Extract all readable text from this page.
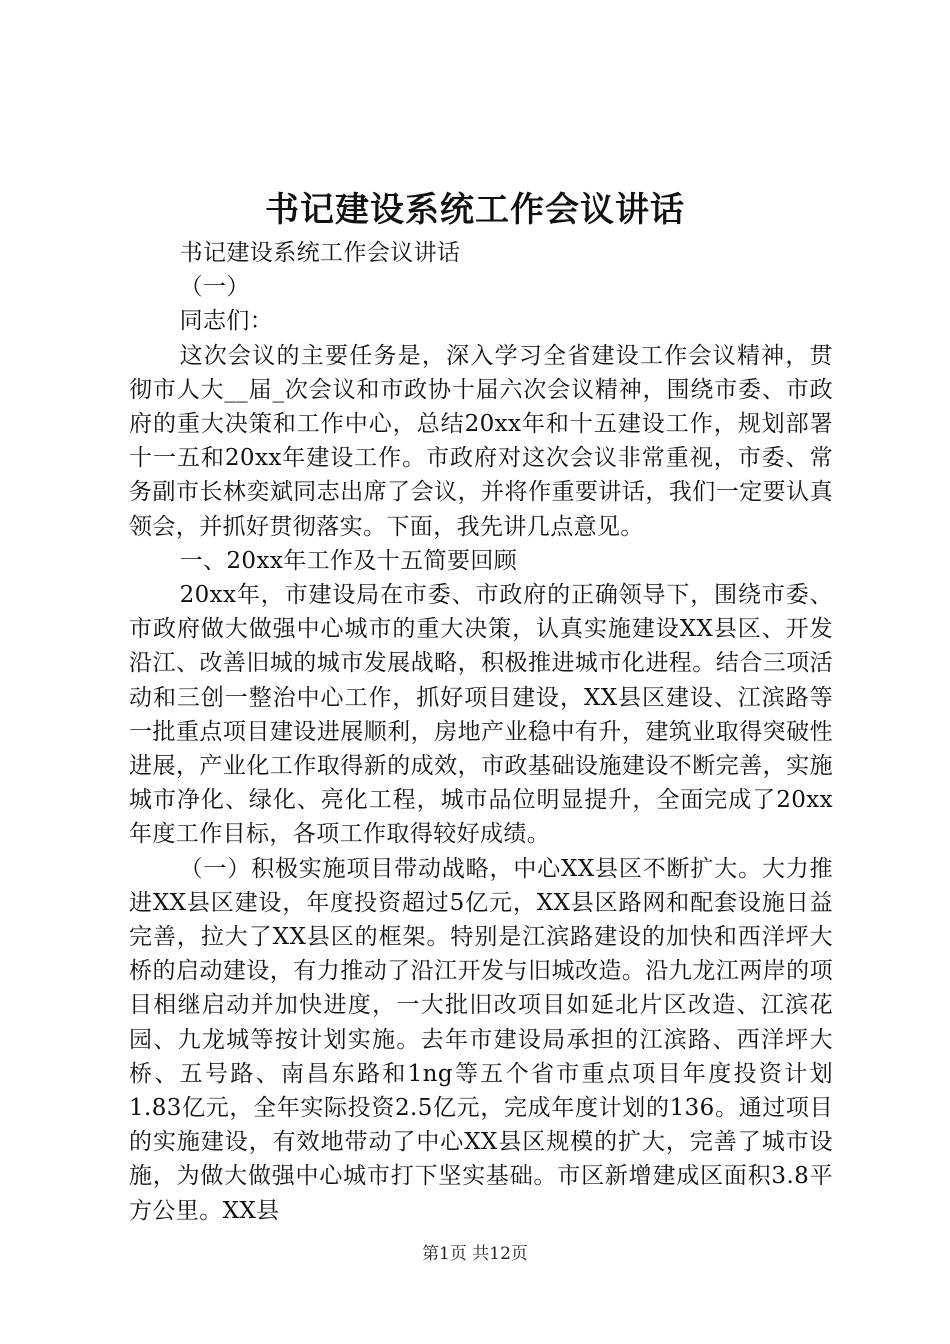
书记建设系统工作会议讲话

书记建设系统工作会议讲话

（一）

同志们：

这次会议的主要任务是，深入学习全省建设工作会议精神，贯彻市人大__届_次会议和市政协十届六次会议精神，围绕市委、市政府的重大决策和工作中心，总结20xx年和十五建设工作，规划部署十一五和20xx年建设工作。市政府对这次会议非常重视，市委、常务副市长林奕斌同志出席了会议，并将作重要讲话，我们一定要认真领会，并抓好贯彻落实。下面，我先讲几点意见。

一、20xx年工作及十五简要回顾

20xx年，市建设局在市委、市政府的正确领导下，围绕市委、市政府做大做强中心城市的重大决策，认真实施建设XX县区、开发沿江、改善旧城的城市发展战略，积极推进城市化进程。结合三项活动和三创一整治中心工作，抓好项目建设，XX县区建设、江滨路等一批重点项目建设进展顺利，房地产业稳中有升，建筑业取得突破性进展，产业化工作取得新的成效，市政基础设施建设不断完善，实施城市净化、绿化、亮化工程，城市品位明显提升，全面完成了20xx年度工作目标，各项工作取得较好成绩。

（一）积极实施项目带动战略，中心XX县区不断扩大。大力推进XX县区建设，年度投资超过5亿元，XX县区路网和配套设施日益完善，拉大了XX县区的框架。特别是江滨路建设的加快和西洋坪大桥的启动建设，有力推动了沿江开发与旧城改造。沿九龙江两岸的项目相继启动并加快进度，一大批旧改项目如延北片区改造、江滨花园、九龙城等按计划实施。去年市建设局承担的江滨路、西洋坪大桥、五号路、南昌东路和1ng等五个省市重点项目年度投资计划1.83亿元，全年实际投资2.5亿元，完成年度计划的136。通过项目的实施建设，有效地带动了中心XX县区规模的扩大，完善了城市设施，为做大做强中心城市打下坚实基础。市区新增建成区面积3.8平方公里。XX县

第1页 共12页
